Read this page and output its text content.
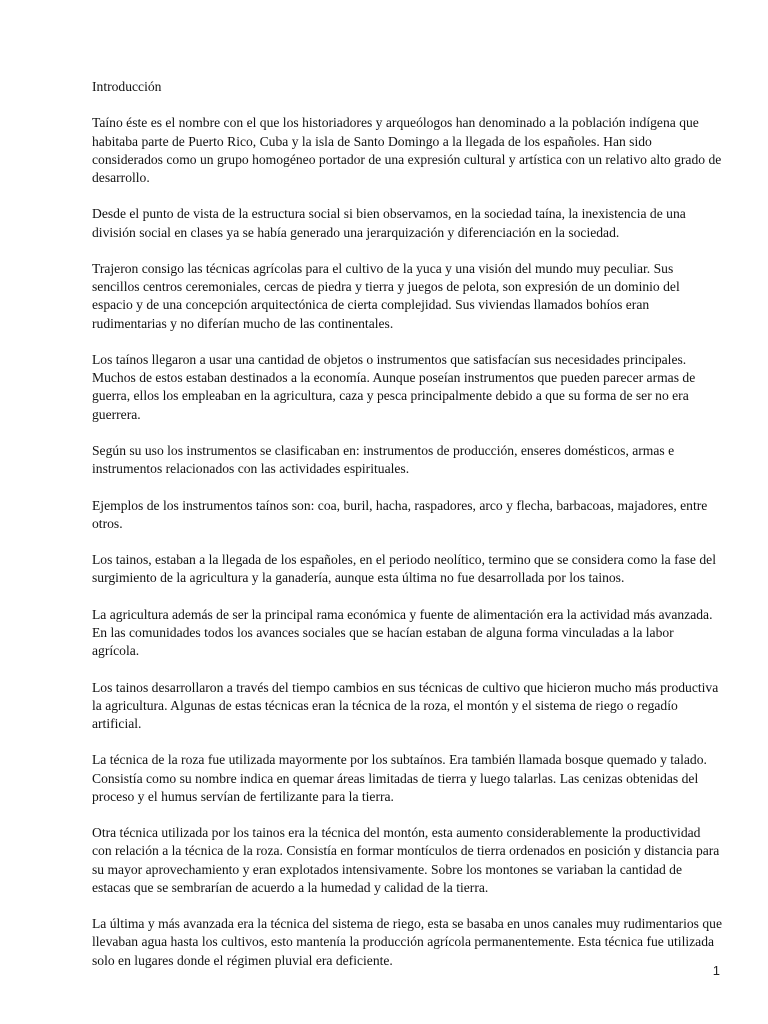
Introducción

Taíno éste es el nombre con el que los historiadores y arqueólogos han denominado a la población indígena que habitaba parte de Puerto Rico, Cuba y la isla de Santo Domingo a la llegada de los españoles. Han sido considerados como un grupo homogéneo portador de una expresión cultural y artística con un relativo alto grado de desarrollo.

Desde el punto de vista de la estructura social si bien observamos, en la sociedad taína, la inexistencia de una división social en clases ya se había generado una jerarquización y diferenciación en la sociedad.

Trajeron consigo las técnicas agrícolas para el cultivo de la yuca y una visión del mundo muy peculiar. Sus sencillos centros ceremoniales, cercas de piedra y tierra y juegos de pelota, son expresión de un dominio del espacio y de una concepción arquitectónica de cierta complejidad. Sus viviendas llamados bohíos eran rudimentarias y no diferían mucho de las continentales.

Los taínos llegaron a usar una cantidad de objetos o instrumentos que satisfacían sus necesidades principales. Muchos de estos estaban destinados a la economía. Aunque poseían instrumentos que pueden parecer armas de guerra, ellos los empleaban en la agricultura, caza y pesca principalmente debido a que su forma de ser no era guerrera.

Según su uso los instrumentos se clasificaban en: instrumentos de producción, enseres domésticos, armas e instrumentos relacionados con las actividades espirituales.

Ejemplos de los instrumentos taínos son: coa, buril, hacha, raspadores, arco y flecha, barbacoas, majadores, entre otros.

Los tainos, estaban a la llegada de los españoles, en el periodo neolítico, termino que se considera como la fase del surgimiento de la agricultura y la ganadería, aunque esta última no fue desarrollada por los tainos.

La agricultura además de ser la principal rama económica y fuente de alimentación era la actividad más avanzada. En las comunidades todos los avances sociales que se hacían estaban de alguna forma vinculadas a la labor agrícola.

Los tainos desarrollaron a través del tiempo cambios en sus técnicas de cultivo que hicieron mucho más productiva la agricultura. Algunas de estas técnicas eran la técnica de la roza, el montón y el sistema de riego o regadío artificial.

La técnica de la roza fue utilizada mayormente por los subtaínos. Era también llamada bosque quemado y talado. Consistía como su nombre indica en quemar áreas limitadas de tierra y luego talarlas. Las cenizas obtenidas del proceso y el humus servían de fertilizante para la tierra.

Otra técnica utilizada por los tainos era la técnica del montón, esta aumento considerablemente la productividad con relación a la técnica de la roza. Consistía en formar montículos de tierra ordenados en posición y distancia para su mayor aprovechamiento y eran explotados intensivamente. Sobre los montones se variaban la cantidad de estacas que se sembrarían de acuerdo a la humedad y calidad de la tierra.

La última y más avanzada era la técnica del sistema de riego, esta se basaba en unos canales muy rudimentarios que llevaban agua hasta los cultivos, esto mantenía la producción agrícola permanentemente. Esta técnica fue utilizada solo en lugares donde el régimen pluvial era deficiente.

1
